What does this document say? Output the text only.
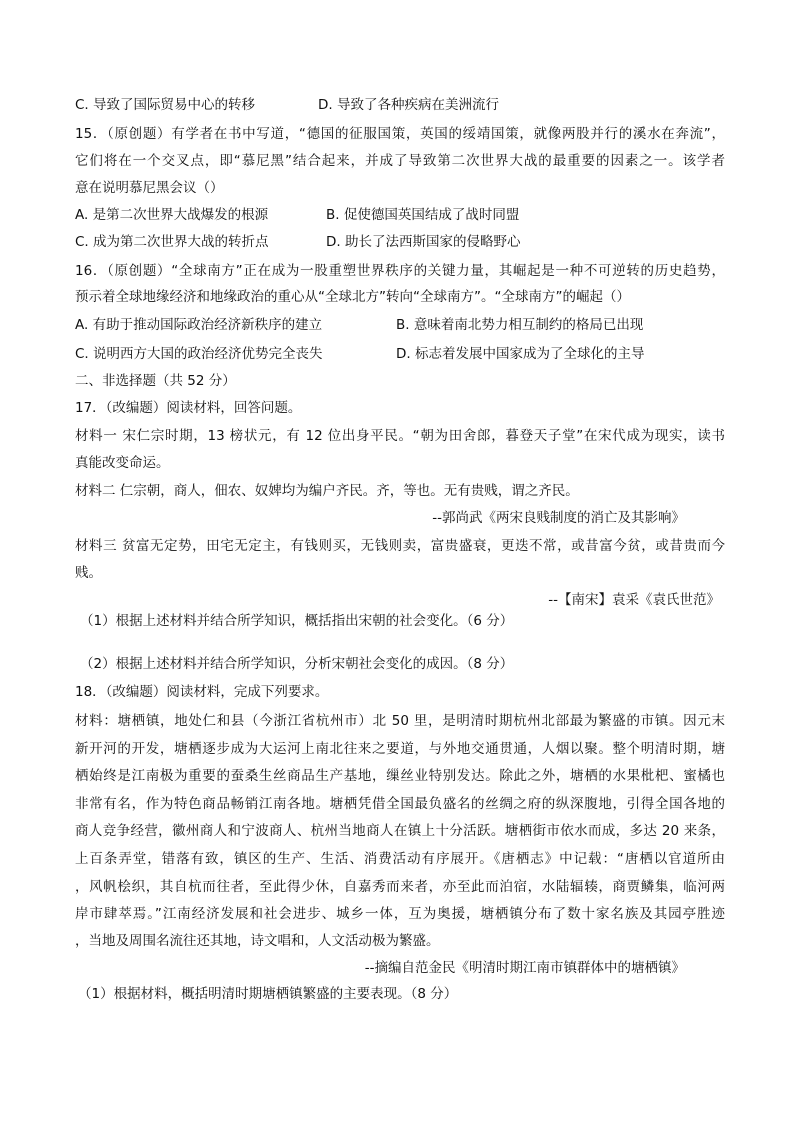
C. 导致了国际贸易中心的转移	D. 导致了各种疾病在美洲流行
15．（原创题）有学者在书中写道，“德国的征服国策，英国的绥靖国策，就像两股并行的溪水在奔流”，
它们将在一个交叉点，即“慕尼黑”结合起来，并成了导致第二次世界大战的最重要的因素之一。该学者
意在说明慕尼黑会议（）
A. 是第二次世界大战爆发的根源	B. 促使德国英国结成了战时同盟
C. 成为第二次世界大战的转折点	D. 助长了法西斯国家的侵略野心
16．（原创题）“全球南方”正在成为一股重塑世界秩序的关键力量，其崛起是一种不可逆转的历史趋势，
预示着全球地缘经济和地缘政治的重心从“全球北方”转向“全球南方”。“全球南方”的崛起（）
A. 有助于推动国际政治经济新秩序的建立	B. 意味着南北势力相互制约的格局已出现
C. 说明西方大国的政治经济优势完全丧失	D. 标志着发展中国家成为了全球化的主导
二、非选择题（共 52 分）
17．（改编题）阅读材料，回答问题。
材料一 宋仁宗时期，13 榜状元，有 12 位出身平民。“朝为田舍郎，暮登天子堂”在宋代成为现实，读书
真能改变命运。
材料二 仁宗朝，商人，佃农、奴婢均为编户齐民。齐，等也。无有贵贱，谓之齐民。
--郭尚武《两宋良贱制度的消亡及其影响》
材料三 贫富无定势，田宅无定主，有钱则买，无钱则卖，富贵盛衰，更迭不常，或昔富今贫，或昔贵而今
贱。
--【南宋】袁采《袁氏世范》
（1）根据上述材料并结合所学知识，概括指出宋朝的社会变化。（6 分）
（2）根据上述材料并结合所学知识，分析宋朝社会变化的成因。（8 分）
18．（改编题）阅读材料，完成下列要求。
材料：塘栖镇，地处仁和县（今浙江省杭州市）北 50 里，是明清时期杭州北部最为繁盛的市镇。因元末
新开河的开发，塘栖逐步成为大运河上南北往来之要道，与外地交通贯通，人烟以聚。整个明清时期，塘
栖始终是江南极为重要的蚕桑生丝商品生产基地，缫丝业特别发达。除此之外，塘栖的水果枇杷、蜜橘也
非常有名，作为特色商品畅销江南各地。塘栖凭借全国最负盛名的丝绸之府的纵深腹地，引得全国各地的
商人竞争经营，徽州商人和宁波商人、杭州当地商人在镇上十分活跃。塘栖街市依水而成，多达 20 来条，
上百条弄堂，错落有致，镇区的生产、生活、消费活动有序展开。《唐栖志》中记载：“唐栖以官道所由
，风帆桧织，其自杭而往者，至此得少休，自嘉秀而来者，亦至此而泊宿，水陆辐辏，商贾鳞集，临河两
岸市肆萃焉。”江南经济发展和社会进步、城乡一体，互为奥援，塘栖镇分布了数十家名族及其园亭胜迹
，当地及周围名流往还其地，诗文唱和，人文活动极为繁盛。
--摘编自范金民《明清时期江南市镇群体中的塘栖镇》
（1）根据材料，概括明清时期塘栖镇繁盛的主要表现。（8 分）
